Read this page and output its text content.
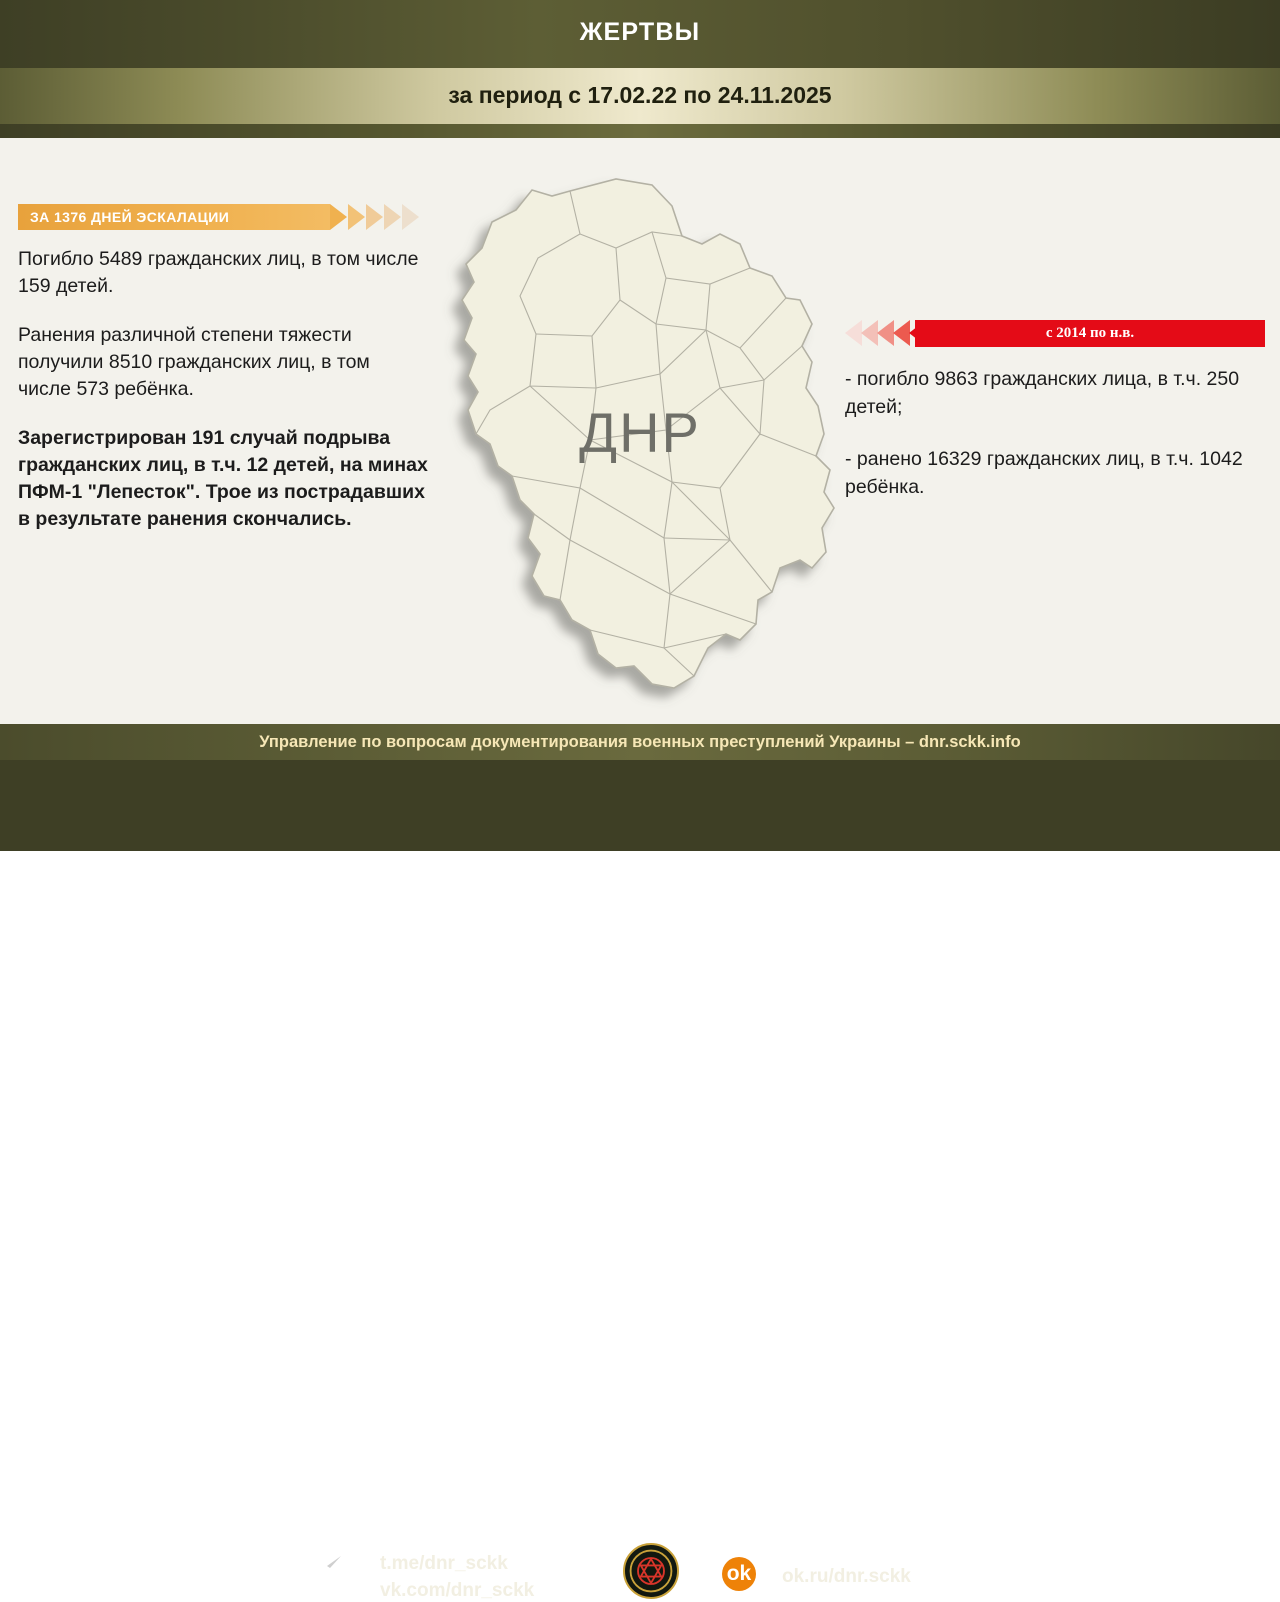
ЖЕРТВЫ
за период с 17.02.22 по 24.11.2025
ЗА 1376 ДНЕЙ ЭСКАЛАЦИИ

Погибло 5489 гражданских лиц, в том числе 159 детей.

Ранения различной степени тяжести получили 8510 гражданских лиц, в том числе 573 ребёнка.

Зарегистрирован 191 случай подрыва гражданских лиц, в т.ч. 12 детей, на минах ПФМ-1 "Лепесток". Трое из пострадавших в результате ранения скончались.

ДНР
с 2014 по н.в.

- погибло 9863 гражданских лица, в т.ч. 250 детей;

- ранено 16329 гражданских лиц, в т.ч. 1042 ребёнка.

Управление по вопросам документирования военных преступлений Украины – dnr.sckk.info
VK
t.me/dnr_sckk
vk.com/dnr_sckk
ok ok.ru/dnr.sckk
